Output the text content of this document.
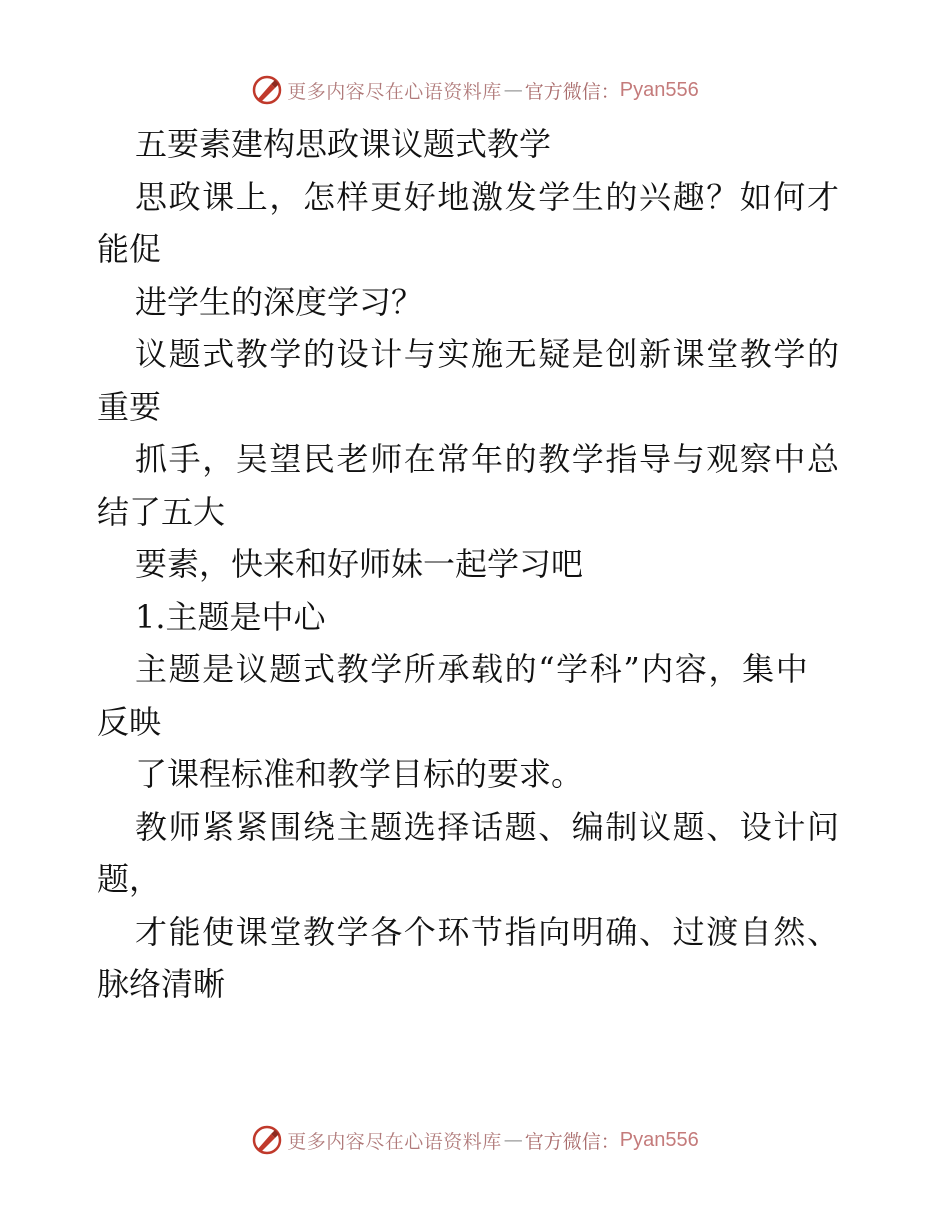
更多内容尽在心语资料库 — 官方微信： Pyan556
五要素建构思政课议题式教学
思政课上，怎样更好地激发学生的兴趣？如何才
能促
进学生的深度学习？
议题式教学的设计与实施无疑是创新课堂教学的
重要
抓手，吴望民老师在常年的教学指导与观察中总
结了五大
要素，快来和好师妹一起学习吧
1.主题是中心
主题是议题式教学所承载的“学科”内容，集中
反映
了课程标准和教学目标的要求。
教师紧紧围绕主题选择话题、编制议题、设计问
题，
才能使课堂教学各个环节指向明确、过渡自然、
脉络清晰
更多内容尽在心语资料库 — 官方微信： Pyan556
